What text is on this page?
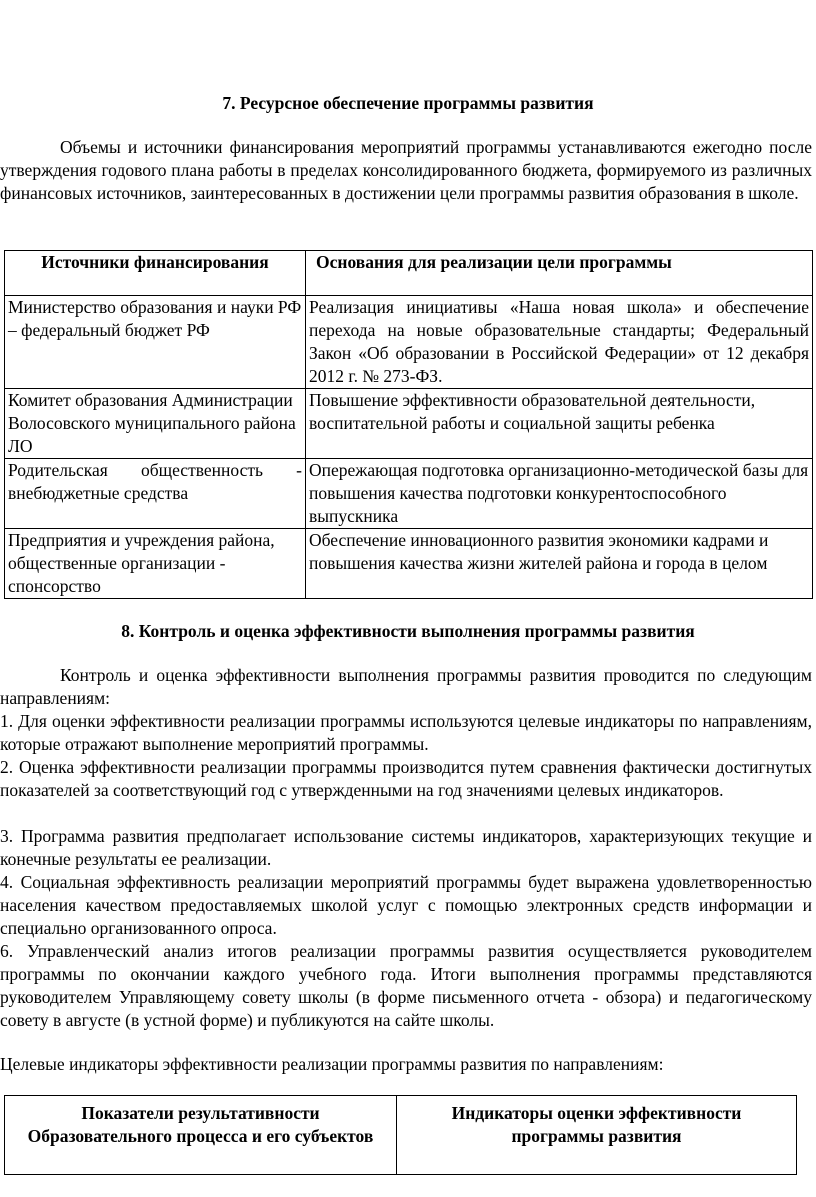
7. Ресурсное обеспечение программы развития
Объемы и источники финансирования мероприятий программы устанавливаются ежегодно после утверждения годового плана работы в пределах консолидированного бюджета, формируемого из различных финансовых источников, заинтересованных в достижении цели программы развития образования в школе.
Источники финансирования	Основания для реализации цели программы
Министерство образования и науки РФ – федеральный бюджет РФ	Реализация инициативы «Наша новая школа» и обеспечение перехода на новые образовательные стандарты; Федеральный Закон «Об образовании в Российской Федерации» от 12 декабря 2012 г. № 273-ФЗ.
Комитет образования Администрации Волосовского муниципального района ЛО	Повышение эффективности образовательной деятельности, воспитательной работы и социальной защиты ребенка
Родительская общественность - внебюджетные средства	Опережающая подготовка организационно-методической базы для повышения качества подготовки конкурентоспособного выпускника
Предприятия и учреждения района, общественные организации - спонсорство	Обеспечение инновационного развития экономики кадрами и повышения качества жизни жителей района и города в целом
8. Контроль и оценка эффективности выполнения программы развития
Контроль и оценка эффективности выполнения программы развития проводится по следующим направлениям:
1. Для оценки эффективности реализации программы используются целевые индикаторы по направлениям, которые отражают выполнение мероприятий программы.
2. Оценка эффективности реализации программы производится путем сравнения фактически достигнутых показателей за соответствующий год с утвержденными на год значениями целевых индикаторов.
3. Программа развития предполагает использование системы индикаторов, характеризующих текущие и конечные результаты ее реализации.
4. Социальная эффективность реализации мероприятий программы будет выражена удовлетворенностью населения качеством предоставляемых школой услуг с помощью электронных средств информации и специально организованного опроса.
6. Управленческий анализ итогов реализации программы развития осуществляется руководителем программы по окончании каждого учебного года. Итоги выполнения программы представляются руководителем Управляющему совету школы (в форме письменного отчета - обзора) и педагогическому совету в августе (в устной форме) и публикуются на сайте школы.
Целевые индикаторы эффективности реализации программы развития по направлениям:
Показатели результативности Образовательного процесса и его субъектов	Индикаторы оценки эффективности программы развития
